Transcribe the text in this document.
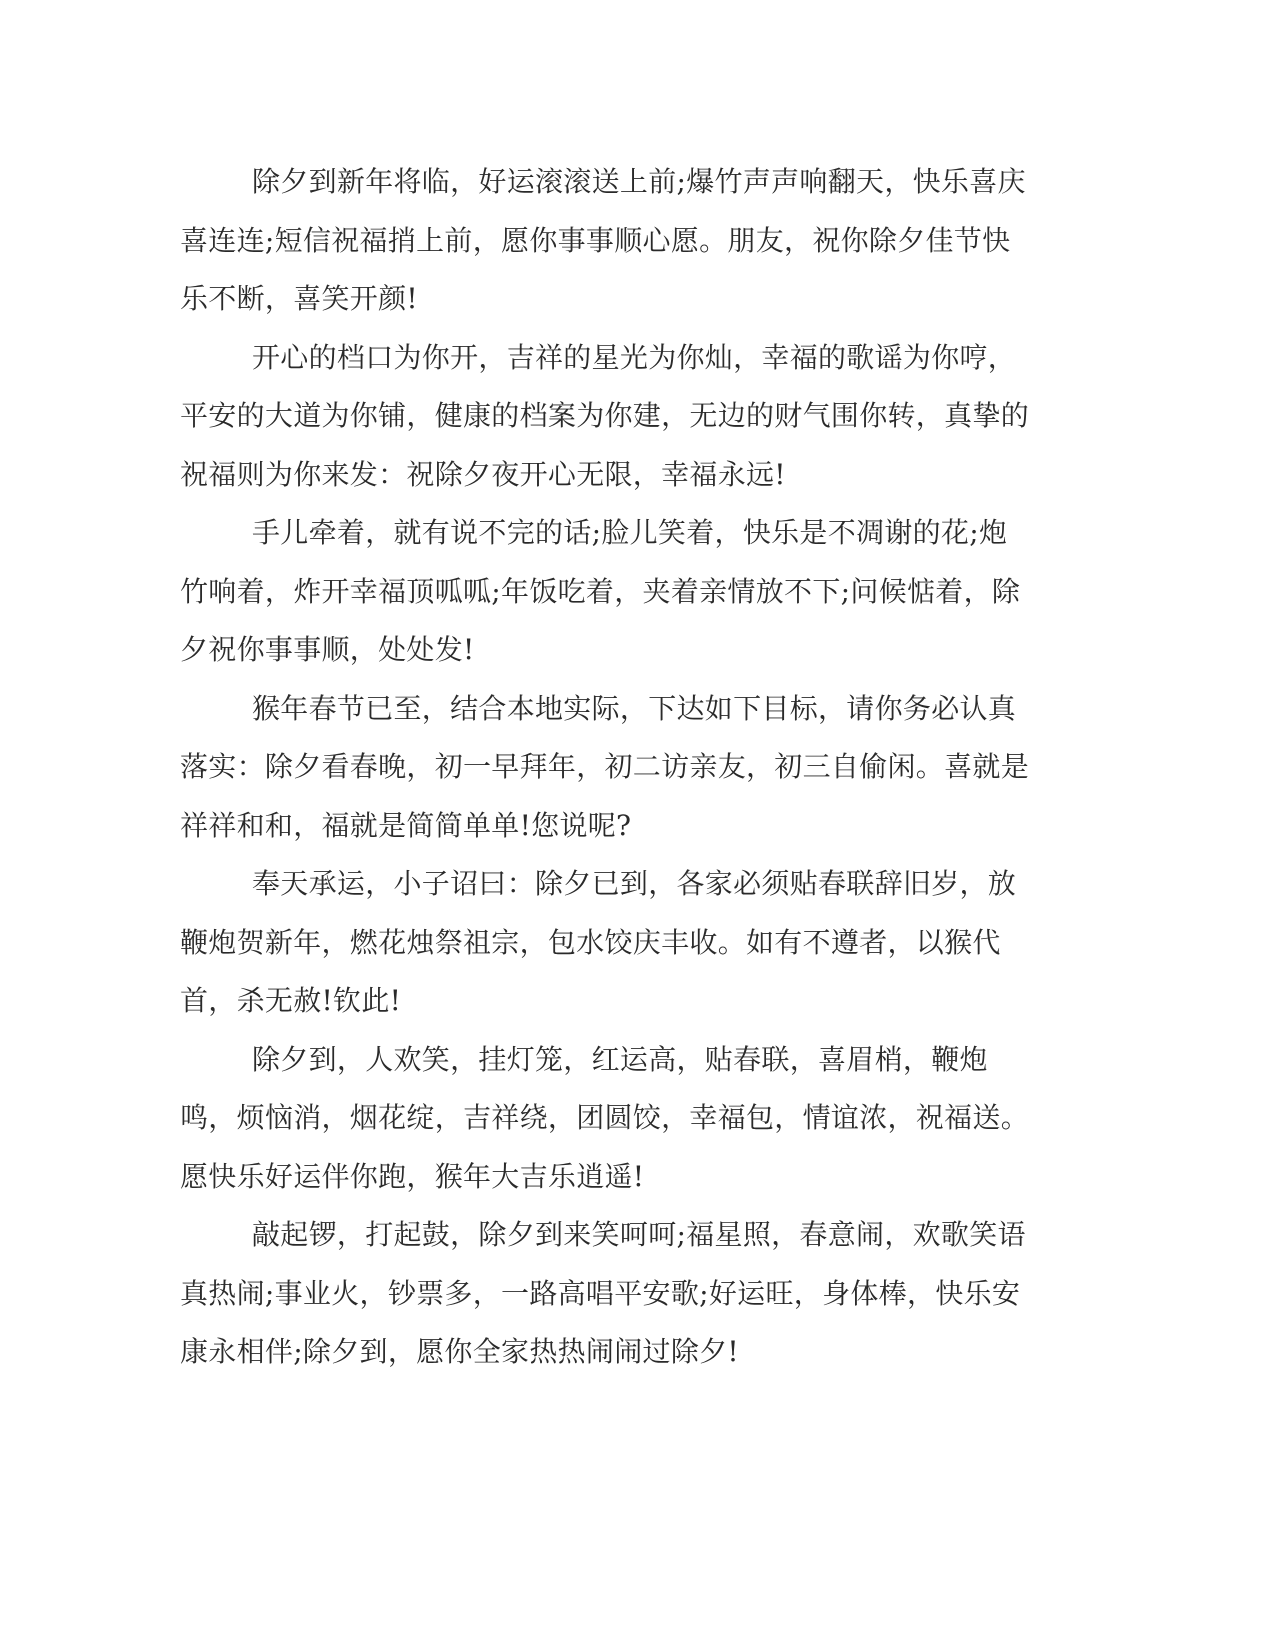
除夕到新年将临，好运滚滚送上前;爆竹声声响翻天，快乐喜庆喜连连;短信祝福捎上前，愿你事事顺心愿。朋友，祝你除夕佳节快乐不断，喜笑开颜!

开心的档口为你开，吉祥的星光为你灿，幸福的歌谣为你哼，平安的大道为你铺，健康的档案为你建，无边的财气围你转，真挚的祝福则为你来发：祝除夕夜开心无限，幸福永远!

手儿牵着，就有说不完的话;脸儿笑着，快乐是不凋谢的花;炮竹响着，炸开幸福顶呱呱;年饭吃着，夹着亲情放不下;问候惦着，除夕祝你事事顺，处处发!

猴年春节已至，结合本地实际，下达如下目标，请你务必认真落实：除夕看春晚，初一早拜年，初二访亲友，初三自偷闲。喜就是祥祥和和，福就是简简单单!您说呢?

奉天承运，小子诏曰：除夕已到，各家必须贴春联辞旧岁，放鞭炮贺新年，燃花烛祭祖宗，包水饺庆丰收。如有不遵者，以猴代首，杀无赦!钦此!

除夕到，人欢笑，挂灯笼，红运高，贴春联，喜眉梢，鞭炮鸣，烦恼消，烟花绽，吉祥绕，团圆饺，幸福包，情谊浓，祝福送。愿快乐好运伴你跑，猴年大吉乐逍遥!

敲起锣，打起鼓，除夕到来笑呵呵;福星照，春意闹，欢歌笑语真热闹;事业火，钞票多，一路高唱平安歌;好运旺，身体棒，快乐安康永相伴;除夕到，愿你全家热热闹闹过除夕!
